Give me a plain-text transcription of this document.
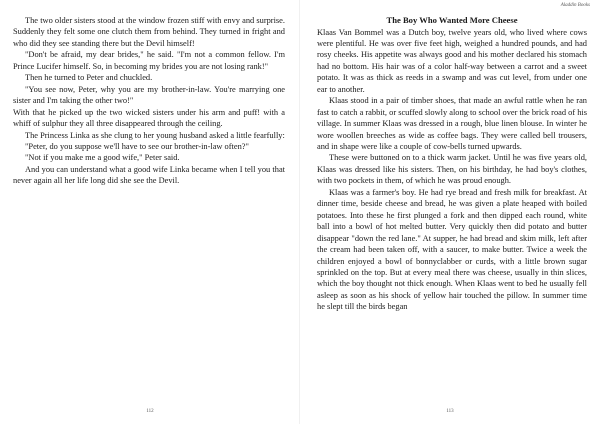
The two older sisters stood at the window frozen stiff with envy and surprise. Suddenly they felt some one clutch them from behind. They turned in fright and who did they see standing there but the Devil himself!

"Don't be afraid, my dear brides," he said. "I'm not a common fellow. I'm Prince Lucifer himself. So, in becoming my brides you are not losing rank!"

Then he turned to Peter and chuckled.

"You see now, Peter, why you are my brother-in-law. You're marrying one sister and I'm taking the other two!"

With that he picked up the two wicked sisters under his arm and puff! with a whiff of sulphur they all three disappeared through the ceiling.

The Princess Linka as she clung to her young husband asked a little fearfully:

"Peter, do you suppose we'll have to see our brother-in-law often?"

"Not if you make me a good wife," Peter said.

And you can understand what a good wife Linka became when I tell you that never again all her life long did she see the Devil.

112
Aladdin Books
The Boy Who Wanted More Cheese

Klaas Van Bommel was a Dutch boy, twelve years old, who lived where cows were plentiful. He was over five feet high, weighed a hundred pounds, and had rosy cheeks. His appetite was always good and his mother declared his stomach had no bottom. His hair was of a color half-way between a carrot and a sweet potato. It was as thick as reeds in a swamp and was cut level, from under one ear to another.

Klaas stood in a pair of timber shoes, that made an awful rattle when he ran fast to catch a rabbit, or scuffed slowly along to school over the brick road of his village. In summer Klaas was dressed in a rough, blue linen blouse. In winter he wore woollen breeches as wide as coffee bags. They were called bell trousers, and in shape were like a couple of cow-bells turned upwards.

These were buttoned on to a thick warm jacket. Until he was five years old, Klaas was dressed like his sisters. Then, on his birthday, he had boy's clothes, with two pockets in them, of which he was proud enough.

Klaas was a farmer's boy. He had rye bread and fresh milk for breakfast. At dinner time, beside cheese and bread, he was given a plate heaped with boiled potatoes. Into these he first plunged a fork and then dipped each round, white ball into a bowl of hot melted butter. Very quickly then did potato and butter disappear "down the red lane." At supper, he had bread and skim milk, left after the cream had been taken off, with a saucer, to make butter. Twice a week the children enjoyed a bowl of bonnyclabber or curds, with a little brown sugar sprinkled on the top. But at every meal there was cheese, usually in thin slices, which the boy thought not thick enough. When Klaas went to bed he usually fell asleep as soon as his shock of yellow hair touched the pillow. In summer time he slept till the birds began

113
